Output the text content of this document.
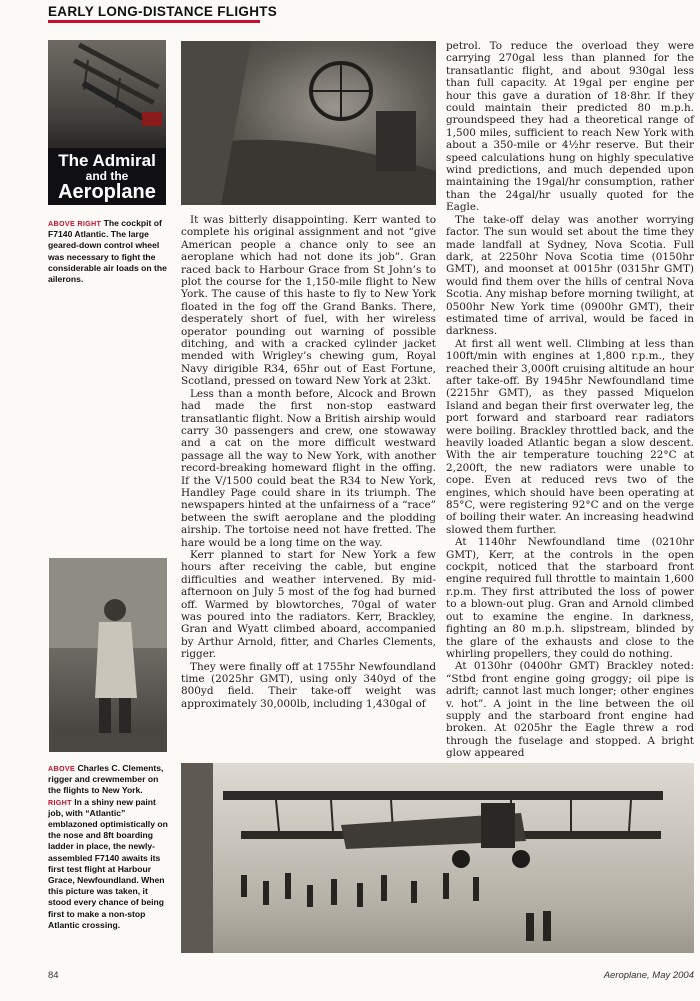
EARLY LONG-DISTANCE FLIGHTS
The Admiral
and the
Aeroplane
ABOVE RIGHT The cockpit of F7140 Atlantic. The large geared-down control wheel was necessary to fight the considerable air loads on the ailerons.

It was bitterly disappointing. Kerr wanted to complete his original assignment and not “give American people a chance only to see an aeroplane which had not done its job”. Gran raced back to Harbour Grace from St John’s to plot the course for the 1,150-mile flight to New York. The cause of this haste to fly to New York floated in the fog off the Grand Banks. There, desperately short of fuel, with her wireless operator pounding out warning of possible ditching, and with a cracked cylinder jacket mended with Wrigley’s chewing gum, Royal Navy dirigible R34, 65hr out of East Fortune, Scotland, pressed on toward New York at 23kt.

Less than a month before, Alcock and Brown had made the first non-stop eastward transatlantic flight. Now a British airship would carry 30 passengers and crew, one stowaway and a cat on the more difficult westward passage all the way to New York, with another record-breaking homeward flight in the offing. If the V/1500 could beat the R34 to New York, Handley Page could share in its triumph. The newspapers hinted at the unfairness of a “race” between the swift aeroplane and the plodding airship. The tortoise need not have fretted. The hare would be a long time on the way.

Kerr planned to start for New York a few hours after receiving the cable, but engine difficulties and weather intervened. By mid-afternoon on July 5 most of the fog had burned off. Warmed by blowtorches, 70gal of water was poured into the radiators. Kerr, Brackley, Gran and Wyatt climbed aboard, accompanied by Arthur Arnold, fitter, and Charles Clements, rigger.

They were finally off at 1755hr Newfoundland time (2025hr GMT), using only 340yd of the 800yd field. Their take-off weight was approximately 30,000lb, including 1,430gal of

petrol. To reduce the overload they were carrying 270gal less than planned for the transatlantic flight, and about 930gal less than full capacity. At 19gal per engine per hour this gave a duration of 18·8hr. If they could maintain their predicted 80 m.p.h. groundspeed they had a theoretical range of 1,500 miles, sufficient to reach New York with about a 350-mile or 4½hr reserve. But their speed calculations hung on highly speculative wind predictions, and much depended upon maintaining the 19gal/hr consumption, rather than the 24gal/hr usually quoted for the Eagle.

The take-off delay was another worrying factor. The sun would set about the time they made landfall at Sydney, Nova Scotia. Full dark, at 2250hr Nova Scotia time (0150hr GMT), and moonset at 0015hr (0315hr GMT) would find them over the hills of central Nova Scotia. Any mishap before morning twilight, at 0500hr New York time (0900hr GMT), their estimated time of arrival, would be faced in darkness.

At first all went well. Climbing at less than 100ft/min with engines at 1,800 r.p.m., they reached their 3,000ft cruising altitude an hour after take-off. By 1945hr Newfoundland time (2215hr GMT), as they passed Miquelon Island and began their first overwater leg, the port forward and starboard rear radiators were boiling. Brackley throttled back, and the heavily loaded Atlantic began a slow descent. With the air temperature touching 22°C at 2,200ft, the new radiators were unable to cope. Even at reduced revs two of the engines, which should have been operating at 85°C, were registering 92°C and on the verge of boiling their water. An increasing headwind slowed them further.

At 1140hr Newfoundland time (0210hr GMT), Kerr, at the controls in the open cockpit, noticed that the starboard front engine required full throttle to maintain 1,600 r.p.m. They first attributed the loss of power to a blown-out plug. Gran and Arnold climbed out to examine the engine. In darkness, fighting an 80 m.p.h. slipstream, blinded by the glare of the exhausts and close to the whirling propellers, they could do nothing.

At 0130hr (0400hr GMT) Brackley noted: “Stbd front engine going groggy; oil pipe is adrift; cannot last much longer; other engines v. hot”. A joint in the line between the oil supply and the starboard front engine had broken. At 0205hr the Eagle threw a rod through the fuselage and stopped. A bright glow appeared

ABOVE Charles C. Clements, rigger and crewmember on the flights to New York. RIGHT In a shiny new paint job, with “Atlantic” emblazoned optimistically on the nose and 8ft boarding ladder in place, the newly-assembled F7140 awaits its first test flight at Harbour Grace, Newfoundland. When this picture was taken, it stood every chance of being first to make a non-stop Atlantic crossing.
84	Aeroplane, May 2004
